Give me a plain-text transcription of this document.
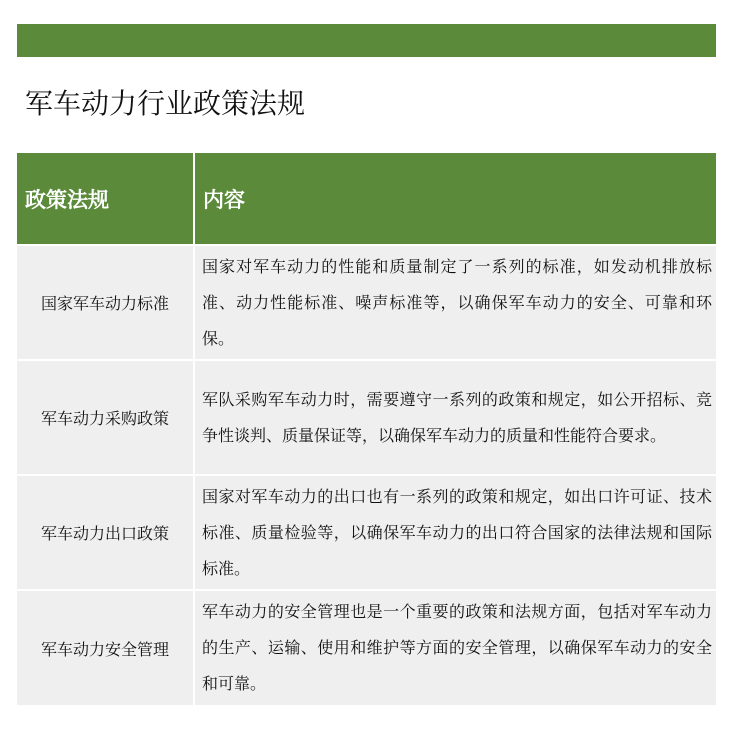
军车动力行业政策法规
政策法规	内容
国家军车动力标准	国家对军车动力的性能和质量制定了一系列的标准，如发动机排放标准、动力性能标准、噪声标准等，以确保军车动力的安全、可靠和环保。
军车动力采购政策	军队采购军车动力时，需要遵守一系列的政策和规定，如公开招标、竞争性谈判、质量保证等，以确保军车动力的质量和性能符合要求。
军车动力出口政策	国家对军车动力的出口也有一系列的政策和规定，如出口许可证、技术标准、质量检验等，以确保军车动力的出口符合国家的法律法规和国际标准。
军车动力安全管理	军车动力的安全管理也是一个重要的政策和法规方面，包括对军车动力的生产、运输、使用和维护等方面的安全管理，以确保军车动力的安全和可靠。
